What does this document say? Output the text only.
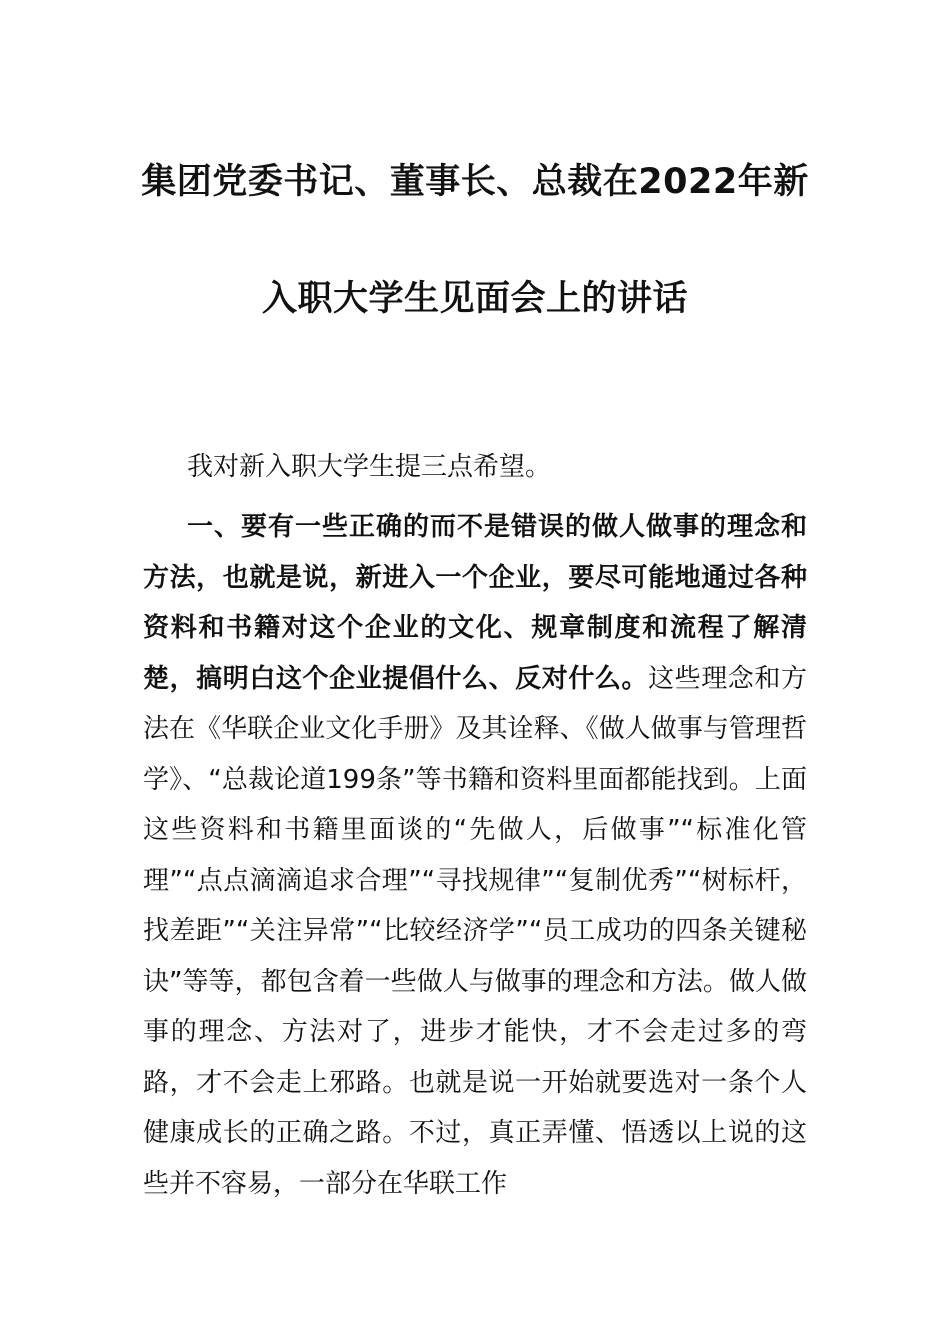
集团党委书记、董事长、总裁在2022年新
入职大学生见面会上的讲话

我对新入职大学生提三点希望。

一、要有一些正确的而不是错误的做人做事的理念和方法，也就是说，新进入一个企业，要尽可能地通过各种资料和书籍对这个企业的文化、规章制度和流程了解清楚，搞明白这个企业提倡什么、反对什么。这些理念和方法在《华联企业文化手册》及其诠释、《做人做事与管理哲学》、“总裁论道199条”等书籍和资料里面都能找到。上面这些资料和书籍里面谈的“先做人，后做事”“标准化管理”“点点滴滴追求合理”“寻找规律”“复制优秀”“树标杆，找差距”“关注异常”“比较经济学”“员工成功的四条关键秘诀”等等，都包含着一些做人与做事的理念和方法。做人做事的理念、方法对了，进步才能快，才不会走过多的弯路，才不会走上邪路。也就是说一开始就要选对一条个人健康成长的正确之路。不过，真正弄懂、悟透以上说的这些并不容易，一部分在华联工作
